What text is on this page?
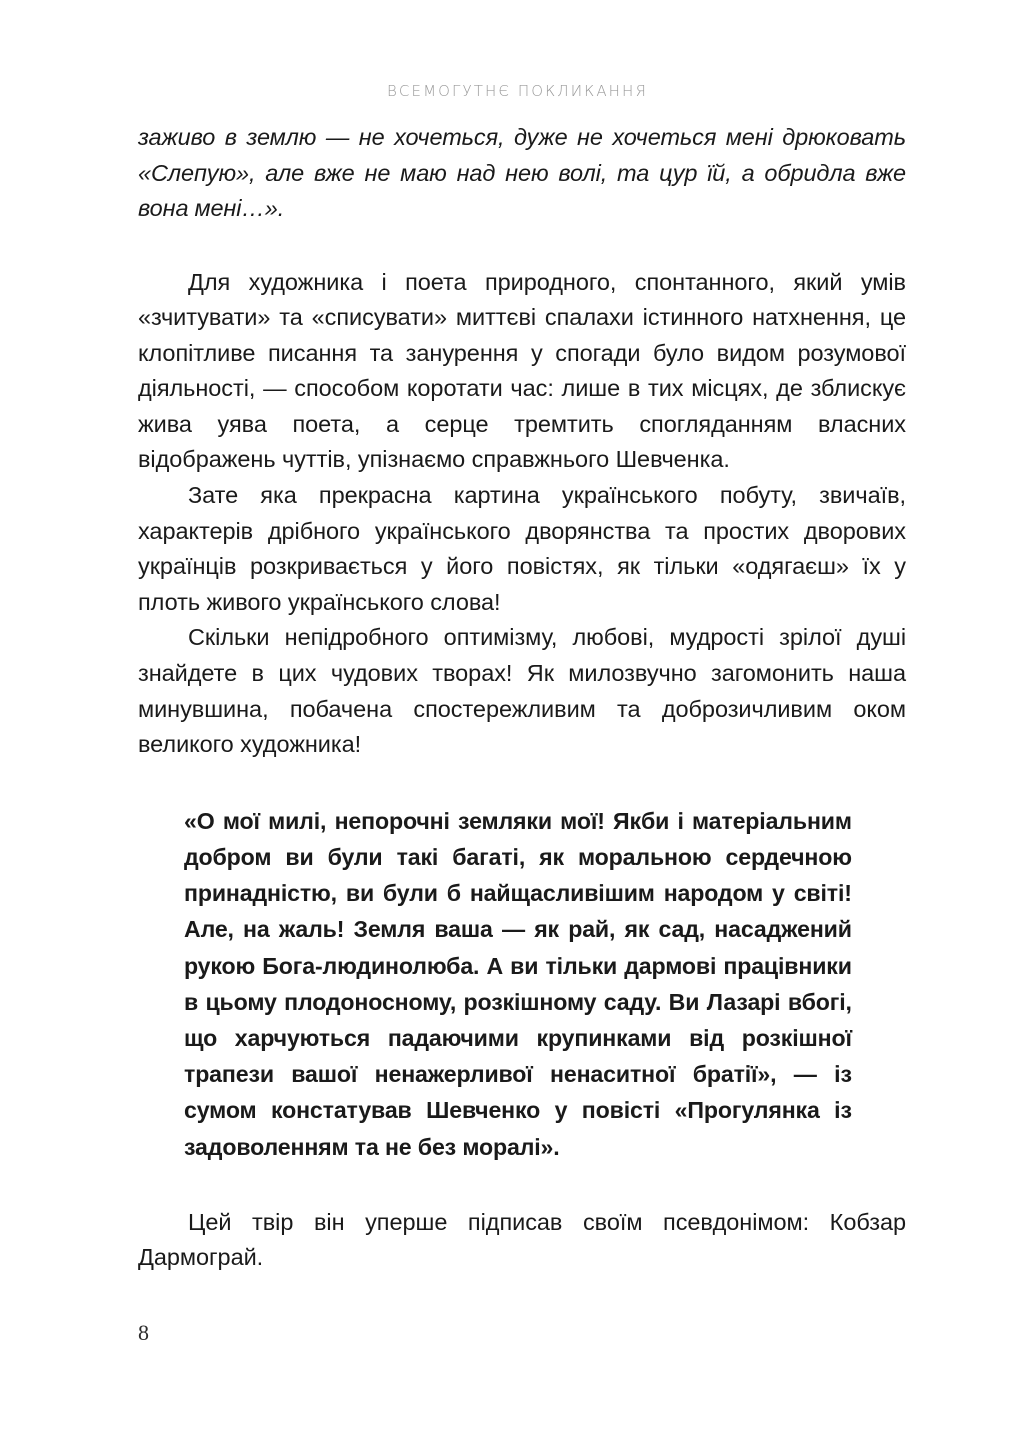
ВСЕМОГУТНЄ ПОКЛИКАННЯ

заживо в землю — не хочеться, дуже не хочеться мені дрюковать «Слепую», але вже не маю над нею волі, та цур їй, а обридла вже вона мені…».

Для художника і поета природного, спонтанного, який умів «зчитувати» та «списувати» миттєві спалахи істинного натхнення, це клопітливе писання та занурення у спогади було видом розумової діяльності, — способом коротати час: лише в тих місцях, де зблискує жива уява поета, а серце тремтить спогляданням власних відображень чуттів, упізнаємо справжнього Шевченка.

Зате яка прекрасна картина українського побуту, звичаїв, характерів дрібного українського дворянства та простих дворових українців розкривається у його повістях, як тільки «одягаєш» їх у плоть живого українського слова!

Скільки непідробного оптимізму, любові, мудрості зрілої душі знайдете в цих чудових творах! Як милозвучно загомонить наша минувшина, побачена спостережливим та доброзичливим оком великого художника!

«О мої милі, непорочні земляки мої! Якби і матеріальним добром ви були такі багаті, як моральною сердечною принадністю, ви були б найщасливішим народом у світі! Але, на жаль! Земля ваша — як рай, як сад, насаджений рукою Бога-людинолюба. А ви тільки дармові працівники в цьому плодоносному, розкішному саду. Ви Лазарі вбогі, що харчуються падаючими крупинками від розкішної трапези вашої ненажерливої ненаситної братії», — із сумом констатував Шевченко у повісті «Прогулянка із задоволенням та не без моралі».

Цей твір він уперше підписав своїм псевдонімом: Кобзар Дармограй.

8
